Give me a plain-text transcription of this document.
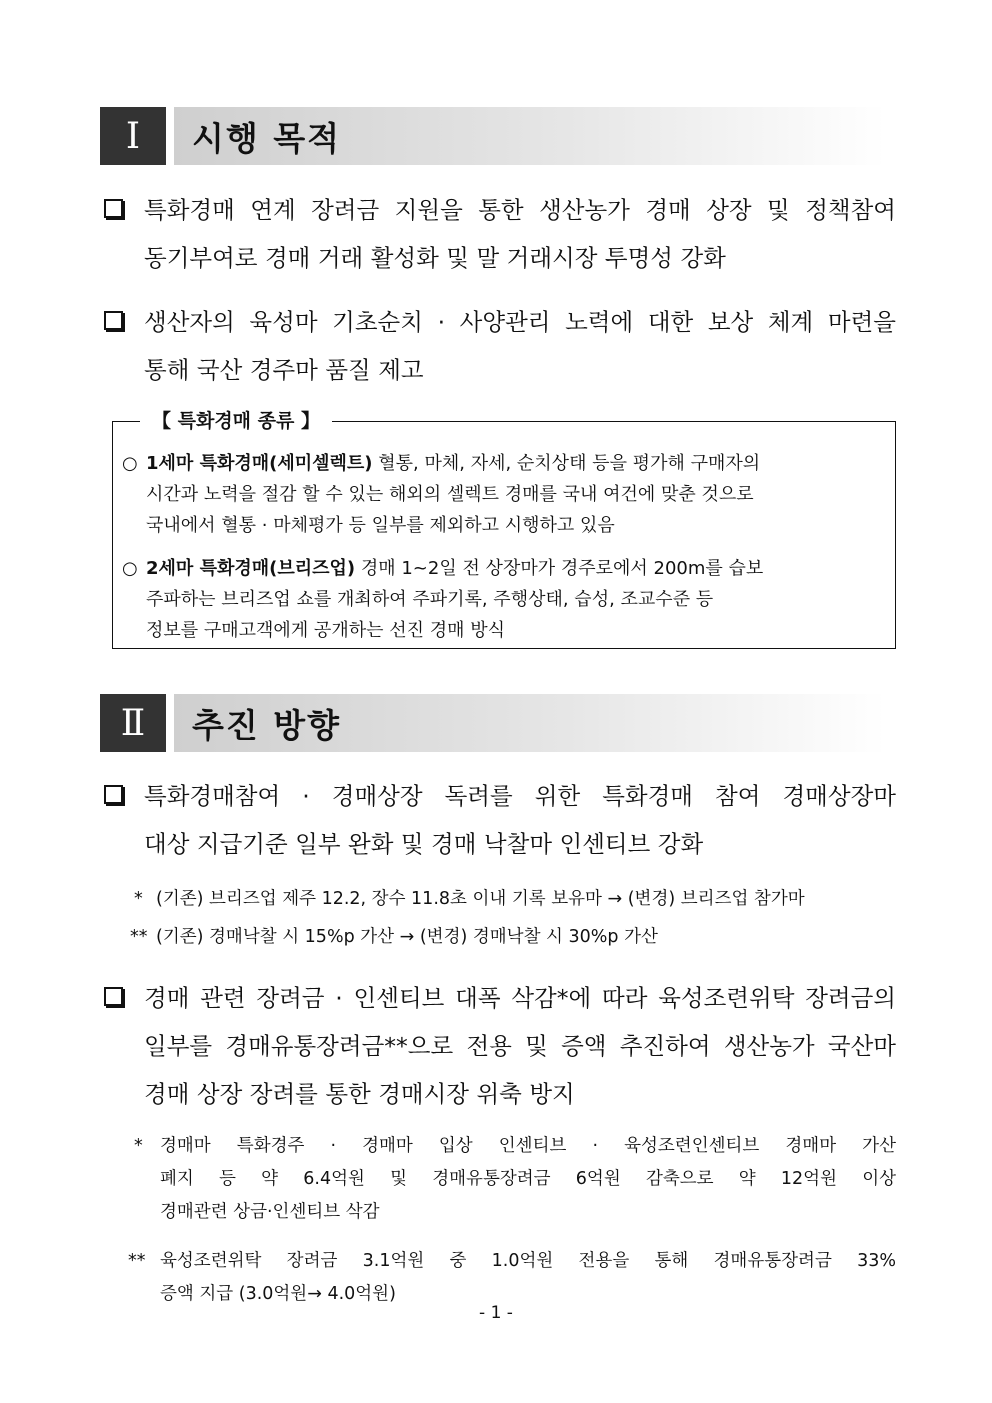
Ⅰ	시행 목적
특화경매 연계 장려금 지원을 통한 생산농가 경매 상장 및 정책참여
동기부여로 경매 거래 활성화 및 말 거래시장 투명성 강화
생산자의 육성마 기초순치 · 사양관리 노력에 대한 보상 체계 마련을
통해 국산 경주마 품질 제고
【 특화경매 종류 】
○ 1세마 특화경매(세미셀렉트) 혈통, 마체, 자세, 순치상태 등을 평가해 구매자의
시간과 노력을 절감 할 수 있는 해외의 셀렉트 경매를 국내 여건에 맞춘 것으로
국내에서 혈통 · 마체평가 등 일부를 제외하고 시행하고 있음
○ 2세마 특화경매(브리즈업) 경매 1~2일 전 상장마가 경주로에서 200m를 습보
주파하는 브리즈업 쇼를 개최하여 주파기록, 주행상태, 습성, 조교수준 등
정보를 구매고객에게 공개하는 선진 경매 방식
Ⅱ	추진 방향
특화경매참여 · 경매상장 독려를 위한 특화경매 참여 경매상장마
대상 지급기준 일부 완화 및 경매 낙찰마 인센티브 강화
* (기존) 브리즈업 제주 12.2, 장수 11.8초 이내 기록 보유마 → (변경) 브리즈업 참가마
** (기존) 경매낙찰 시 15%p 가산 → (변경) 경매낙찰 시 30%p 가산
경매 관련 장려금 · 인센티브 대폭 삭감*에 따라 육성조련위탁 장려금의
일부를 경매유통장려금**으로 전용 및 증액 추진하여 생산농가 국산마
경매 상장 장려를 통한 경매시장 위축 방지
* 경매마 특화경주 · 경매마 입상 인센티브 · 육성조련인센티브 경매마 가산
폐지 등 약 6.4억원 및 경매유통장려금 6억원 감축으로 약 12억원 이상
경매관련 상금·인센티브 삭감
** 육성조련위탁 장려금 3.1억원 중 1.0억원 전용을 통해 경매유통장려금 33%
증액 지급 (3.0억원→ 4.0억원)
- 1 -
